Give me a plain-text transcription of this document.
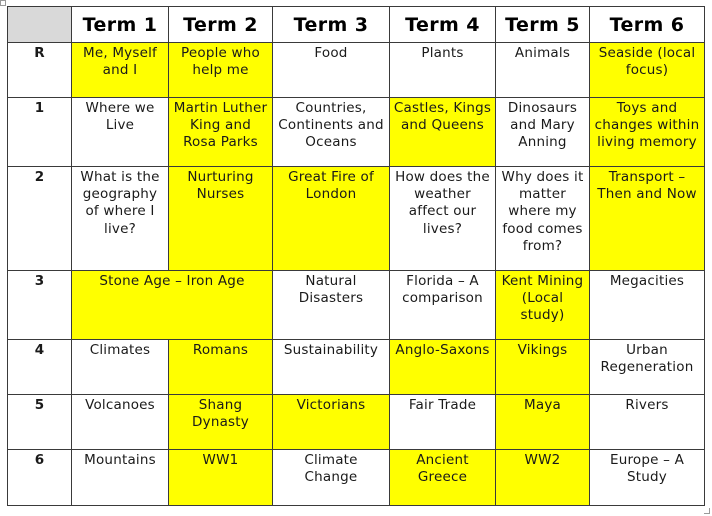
	Term 1	Term 2	Term 3	Term 4	Term 5	Term 6
R	Me, Myself and I	People who help me	Food	Plants	Animals	Seaside (local focus)
1	Where we Live	Martin Luther King and Rosa Parks	Countries, Continents and Oceans	Castles, Kings and Queens	Dinosaurs and Mary Anning	Toys and changes within living memory
2	What is the geography of where I live?	Nurturing Nurses	Great Fire of London	How does the weather affect our lives?	Why does it matter where my food comes from?	Transport – Then and Now
3	Stone Age – Iron Age		Natural Disasters	Florida – A comparison	Kent Mining (Local study)	Megacities
4	Climates	Romans	Sustainability	Anglo-Saxons	Vikings	Urban Regeneration
5	Volcanoes	Shang Dynasty	Victorians	Fair Trade	Maya	Rivers
6	Mountains	WW1	Climate Change	Ancient Greece	WW2	Europe – A Study
